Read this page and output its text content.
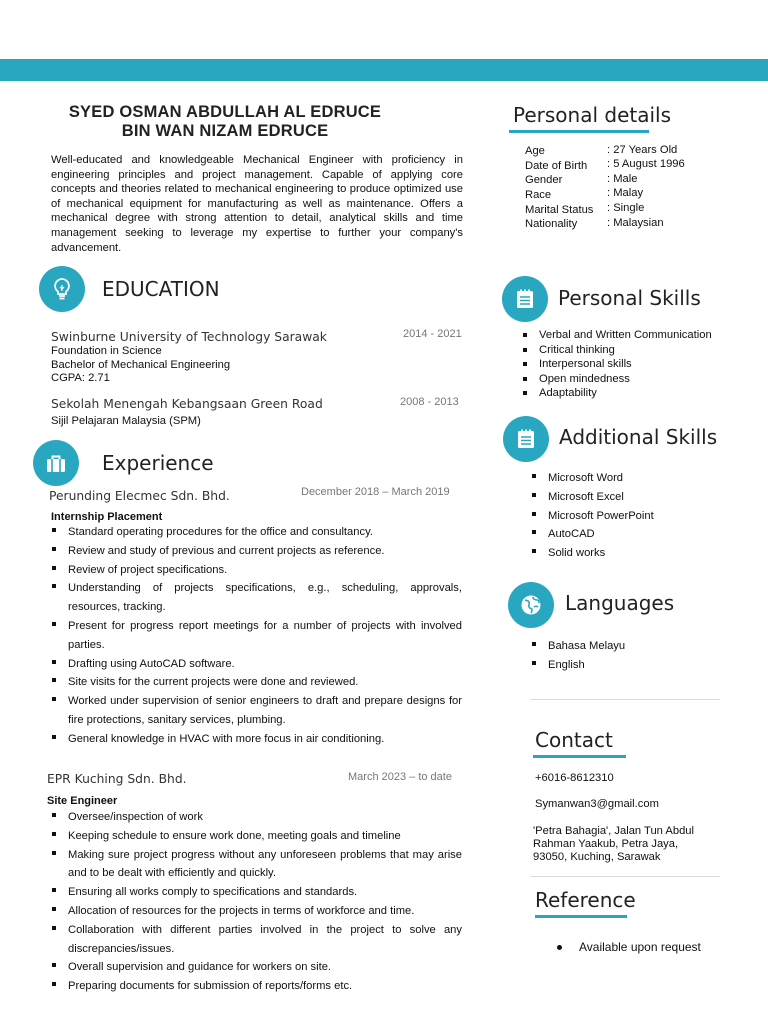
SYED OSMAN ABDULLAH AL EDRUCE
BIN WAN NIZAM EDRUCE
Well-educated and knowledgeable Mechanical Engineer with proficiency in engineering principles and project management. Capable of applying core concepts and theories related to mechanical engineering to produce optimized use of mechanical equipment for manufacturing as well as maintenance. Offers a mechanical degree with strong attention to detail, analytical skills and time management seeking to leverage my expertise to further your company's advancement.
EDUCATION
Swinburne University of Technology Sarawak	2014 - 2021
Foundation in Science
Bachelor of Mechanical Engineering
CGPA: 2.71
Sekolah Menengah Kebangsaan Green Road	2008 - 2013
Sijil Pelajaran Malaysia (SPM)
Experience
Perunding Elecmec Sdn. Bhd.	December 2018 – March 2019
Internship Placement
Standard operating procedures for the office and consultancy.
Review and study of previous and current projects as reference.
Review of project specifications.
Understanding of projects specifications, e.g., scheduling, approvals, resources, tracking.
Present for progress report meetings for a number of projects with involved parties.
Drafting using AutoCAD software.
Site visits for the current projects were done and reviewed.
Worked under supervision of senior engineers to draft and prepare designs for fire protections, sanitary services, plumbing.
General knowledge in HVAC with more focus in air conditioning.
EPR Kuching Sdn. Bhd.	March 2023 – to date
Site Engineer
Oversee/inspection of work
Keeping schedule to ensure work done, meeting goals and timeline
Making sure project progress without any unforeseen problems that may arise and to be dealt with efficiently and quickly.
Ensuring all works comply to specifications and standards.
Allocation of resources for the projects in terms of workforce and time.
Collaboration with different parties involved in the project to solve any discrepancies/issues.
Overall supervision and guidance for workers on site.
Preparing documents for submission of reports/forms etc.
Personal details
Age	: 27 Years Old
Date of Birth : 5 August 1996
Gender	: Male
Race	: Malay
Marital Status : Single
Nationality	: Malaysian
Personal Skills
Verbal and Written Communication
Critical thinking
Interpersonal skills
Open mindedness
Adaptability
Additional Skills
Microsoft Word
Microsoft Excel
Microsoft PowerPoint
AutoCAD
Solid works
Languages
Bahasa Melayu
English
Contact
+6016-8612310
Symanwan3@gmail.com
'Petra Bahagia', Jalan Tun Abdul
Rahman Yaakub, Petra Jaya,
93050, Kuching, Sarawak
Reference
Available upon request
